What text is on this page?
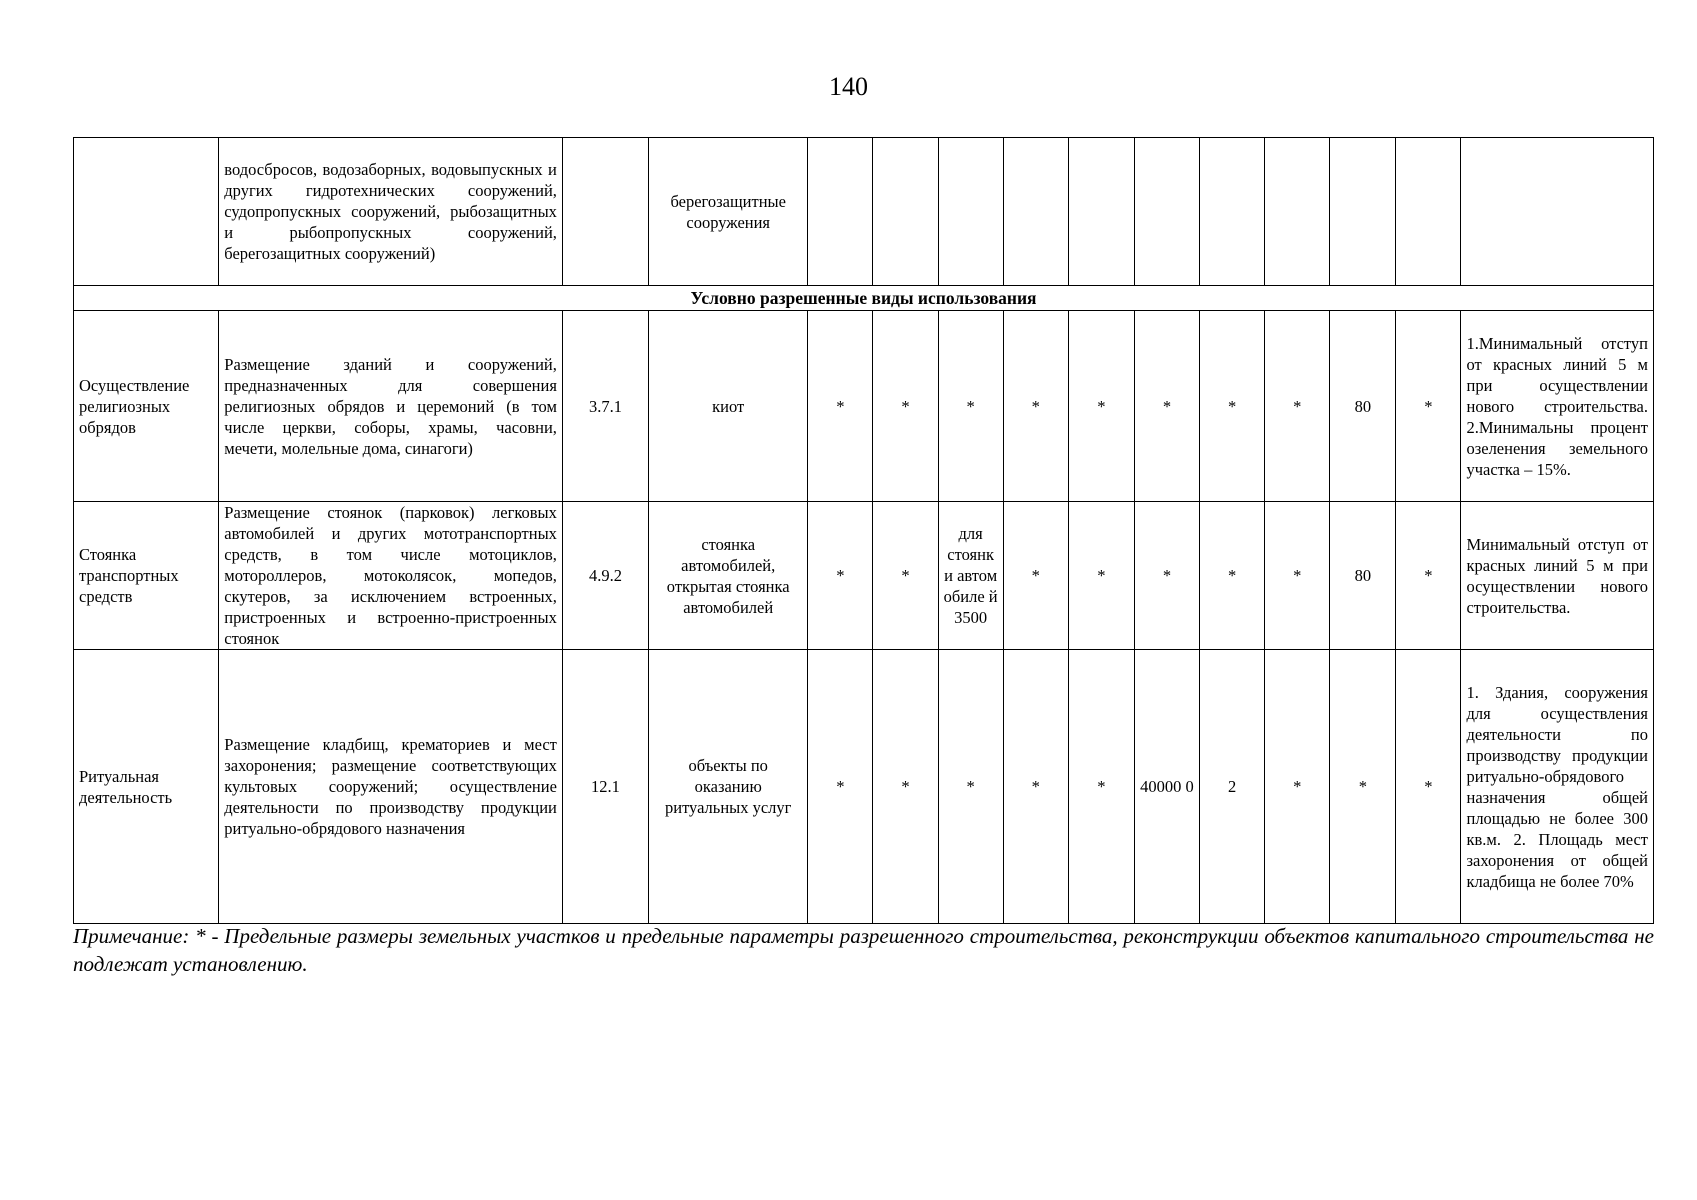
140
	водосбросов, водозаборных, водовыпускных и других гидротехнических сооружений, судопропускных сооружений, рыбозащитных и рыбопропускных сооружений, берегозащитных сооружений)		берегозащитные сооружения											
Условно разрешенные виды использования														
Осуществление религиозных обрядов	Размещение зданий и сооружений, предназначенных для совершения религиозных обрядов и церемоний (в том числе церкви, соборы, храмы, часовни, мечети, молельные дома, синагоги)	3.7.1	киот	*	*	*	*	*	*	*	*	80	*	1.Минимальный отступ от красных линий 5 м при осуществлении нового строительства. 2.Минимальны процент озеленения земельного участка – 15%.
Стоянка транспортных средств	Размещение стоянок (парковок) легковых автомобилей и других мототранспортных средств, в том числе мотоциклов, мотороллеров, мотоколясок, мопедов, скутеров, за исключением встроенных, пристроенных и встроенно-пристроенных стоянок	4.9.2	стоянка автомобилей, открытая стоянка автомобилей	*	*	для стоянк и автом обиле й 3500	*	*	*	*	*	80	*	Минимальный отступ от красных линий 5 м при осуществлении нового строительства.
Ритуальная деятельность	Размещение кладбищ, крематориев и мест захоронения; размещение соответствующих культовых сооружений; осуществление деятельности по производству продукции ритуально-обрядового назначения	12.1	объекты по оказанию ритуальных услуг	*	*	*	*	*	40000 0	2	*	*	*	1. Здания, сооружения для осуществления деятельности по производству продукции ритуально-обрядового назначения общей площадью не более 300 кв.м. 2. Площадь мест захоронения от общей кладбища не более 70%
Примечание: * - Предельные размеры земельных участков и предельные параметры разрешенного строительства, реконструкции объектов капитального строительства не подлежат установлению.
